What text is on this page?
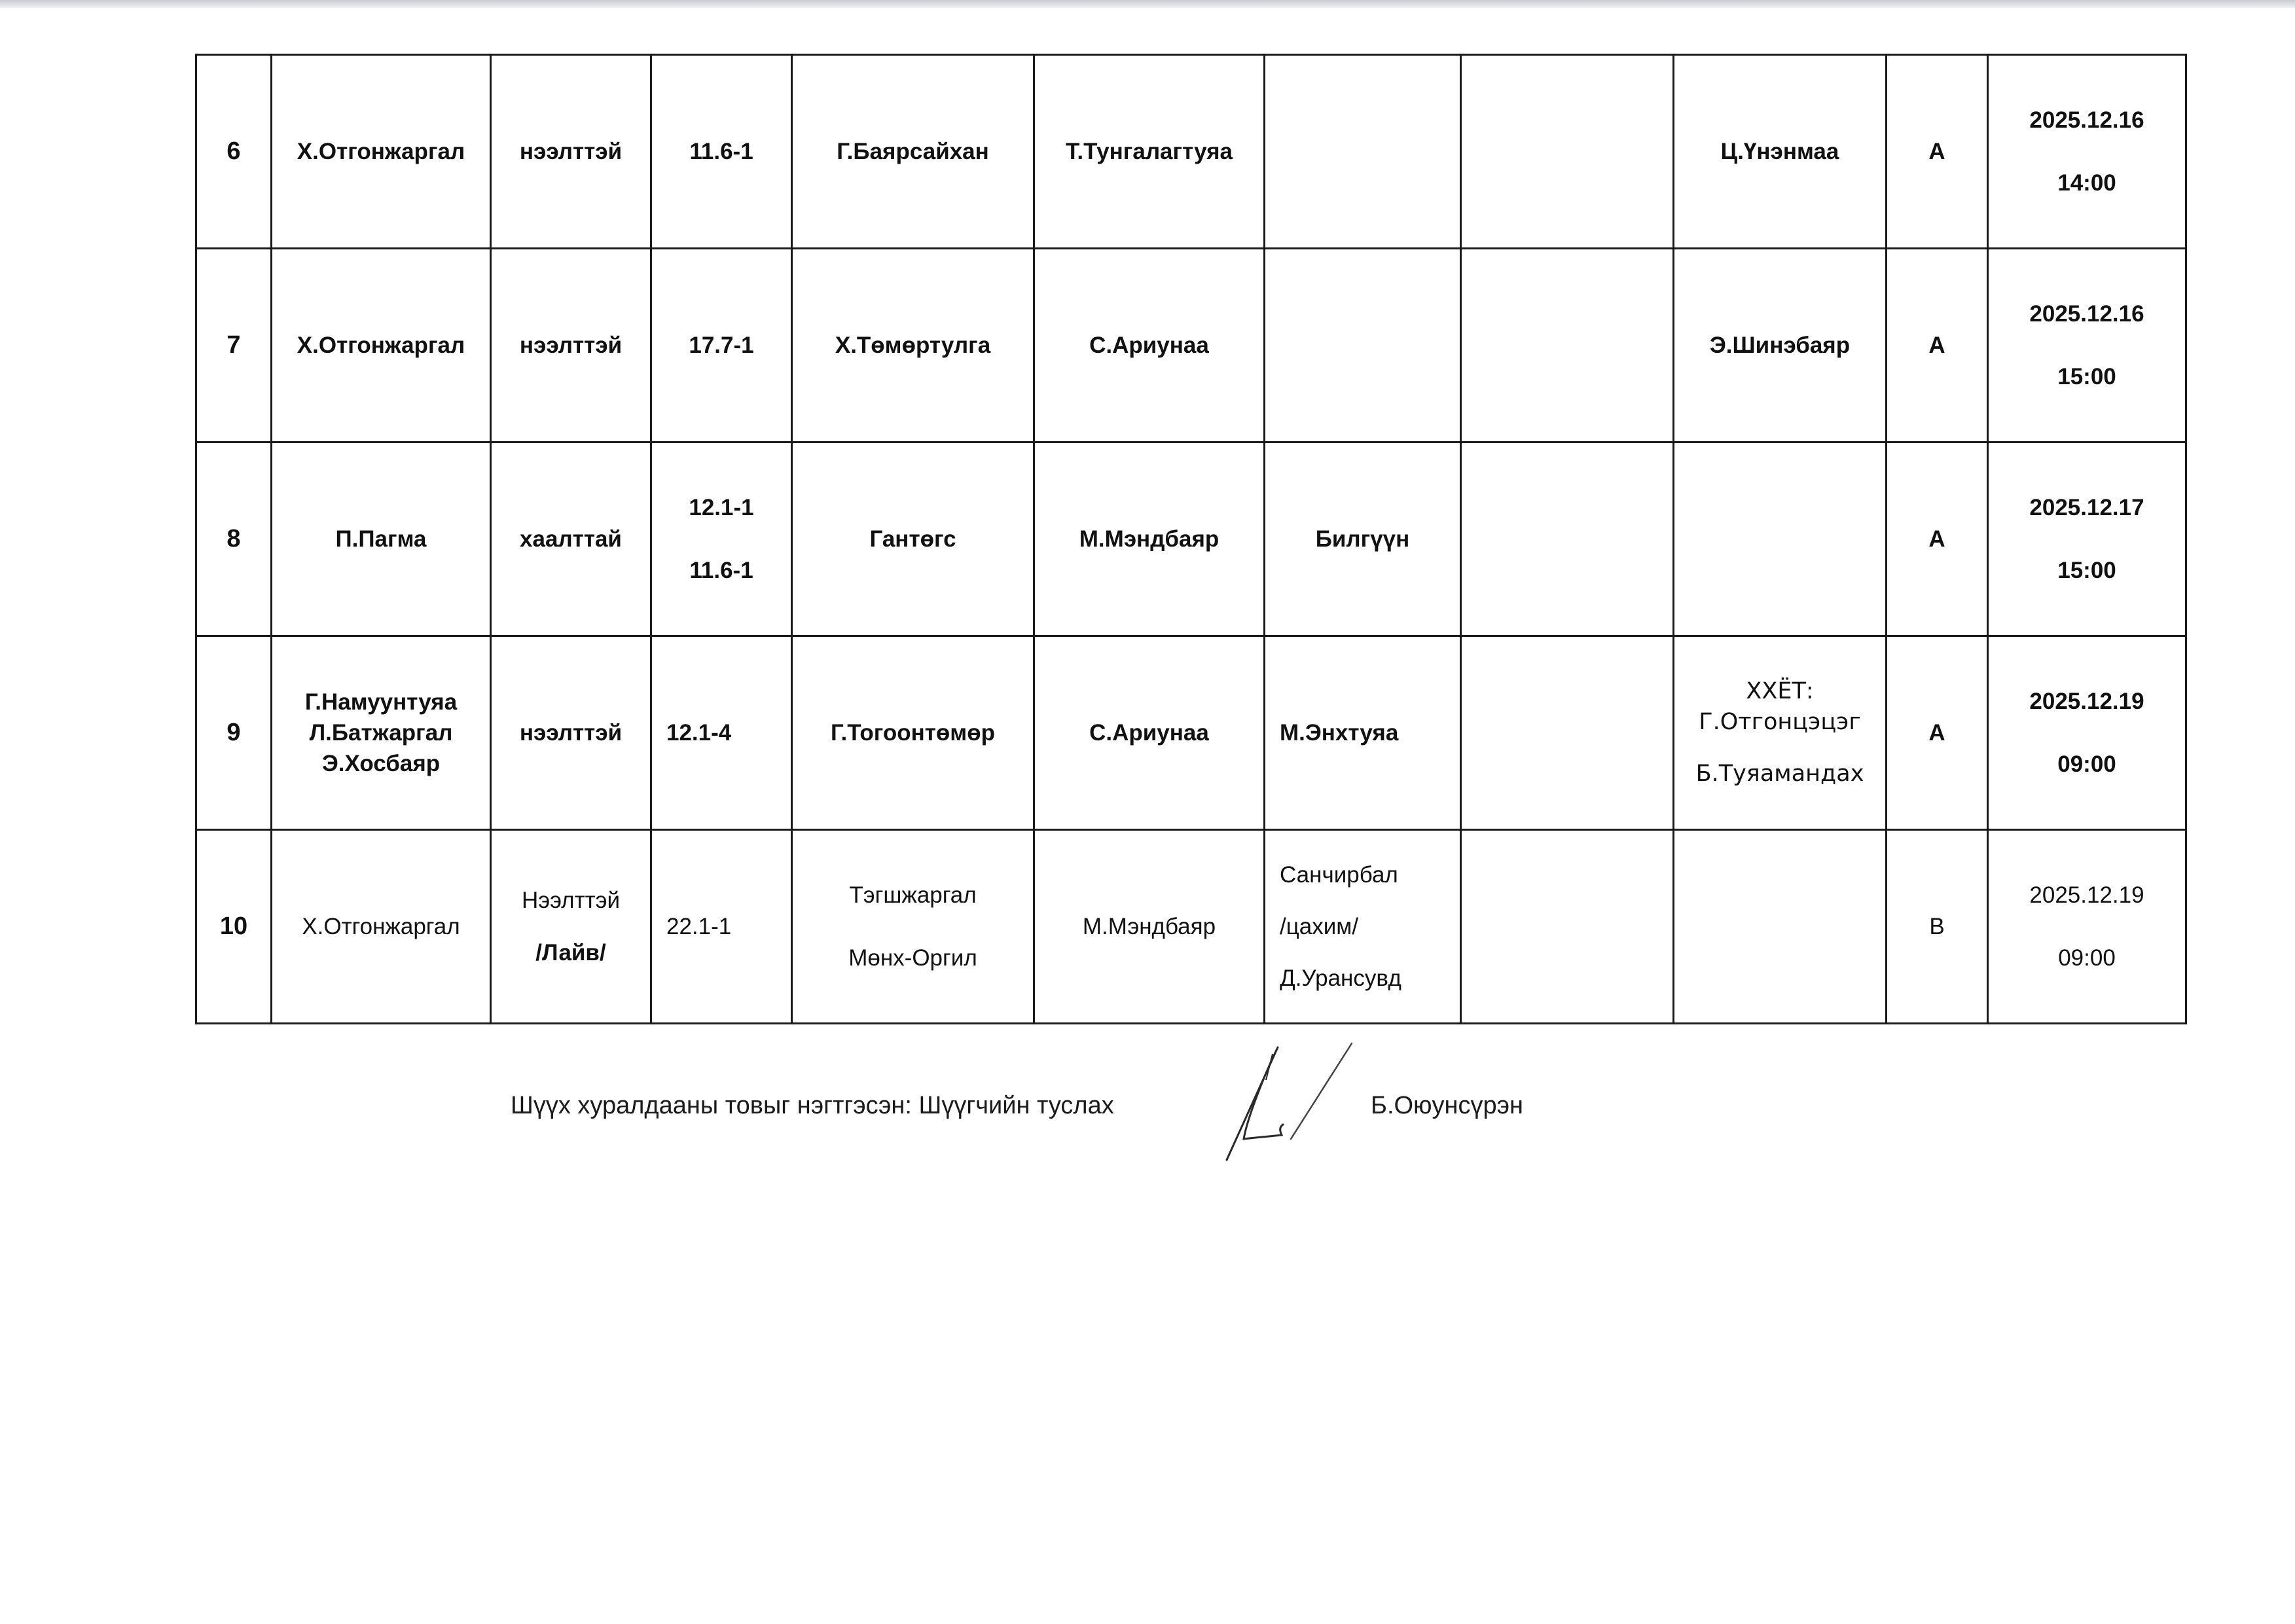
6	Х.Отгонжаргал	нээлттэй	11.6-1	Г.Баярсайхан	Т.Тунгалагтуяа			Ц.Үнэнмаа	А	2025.12.16
14:00

7	Х.Отгонжаргал	нээлттэй	17.7-1	Х.Төмөртулга	С.Ариунаа			Э.Шинэбаяр	А	2025.12.16
15:00

8	П.Пагма	хаалттай	12.1-1
11.6-1	Гантөгс	М.Мэндбаяр	Билгүүн			А	2025.12.17
15:00

9	Г.Намуунтуяа
Л.Батжаргал
Э.Хосбаяр	нээлттэй	12.1-4	Г.Тогоонтөмөр	С.Ариунаа	М.Энхтуяа		ХХЁТ:
Г.Отгонцэцэг
Б.Туяамандах	А	2025.12.19
09:00

10	Х.Отгонжаргал	Нээлттэй
/Лайв/	22.1-1	Тэгшжаргал
Мөнх-Оргил	М.Мэндбаяр	Санчирбал
/цахим/
Д.Урансувд			В	2025.12.19
09:00
Шүүх хуралдааны товыг нэгтгэсэн: Шүүгчийн туслах	Б.Оюунсүрэн
